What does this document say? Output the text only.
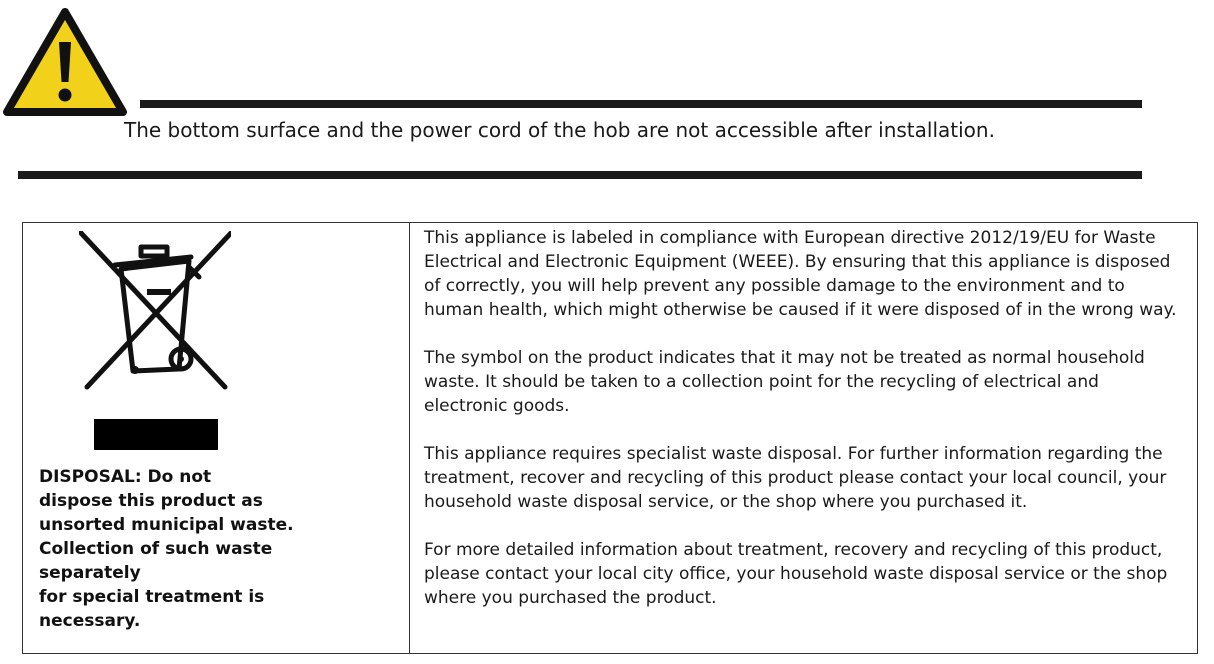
The bottom surface and the power cord of the hob are not accessible after installation.

DISPOSAL: Do not
dispose this product as
unsorted municipal waste.
Collection of such waste
separately
for special treatment is
necessary.

This appliance is labeled in compliance with European directive 2012/19/EU for Waste Electrical and Electronic Equipment (WEEE). By ensuring that this appliance is disposed of correctly, you will help prevent any possible damage to the environment and to human health, which might otherwise be caused if it were disposed of in the wrong way.

The symbol on the product indicates that it may not be treated as normal household waste. It should be taken to a collection point for the recycling of electrical and electronic goods.

This appliance requires specialist waste disposal. For further information regarding the treatment, recover and recycling of this product please contact your local council, your household waste disposal service, or the shop where you purchased it.

For more detailed information about treatment, recovery and recycling of this product, please contact your local city office, your household waste disposal service or the shop where you purchased the product.
